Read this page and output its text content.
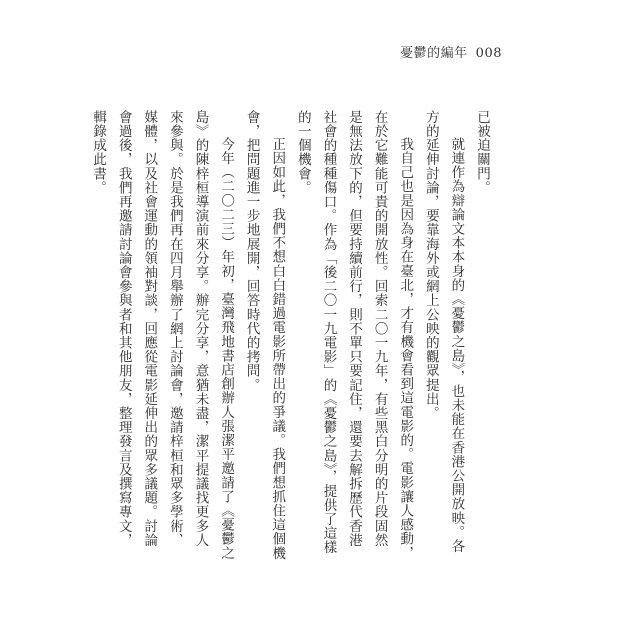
憂鬱的編年 008

已被迫關門。

就連作為辯論文本本身的《憂鬱之島》，也未能在香港公開放映。各方的延伸討論，要靠海外或網上公映的觀眾提出。

我自己也是因為身在臺北，才有機會看到這電影的。電影讓人感動，在於它難能可貴的開放性。回索二〇一九年，有些黑白分明的片段固然是無法放下的，但要持續前行，則不單只要記住，還要去解拆歷代香港社會的種種傷口。作為「後二〇一九電影」的《憂鬱之島》，提供了這樣的一個機會。

正因如此，我們不想白白錯過電影所帶出的爭議。我們想抓住這個機會，把問題進一步地展開，回答時代的拷問。

今年（二〇二三）年初，臺灣飛地書店創辦人張潔平邀請了《憂鬱之島》的陳梓桓導演前來分享。辦完分享，意猶未盡，潔平提議找更多人來參與。於是我們再在四月舉辦了網上討論會，邀請梓桓和眾多學術、媒體，以及社會運動的領袖對談，回應從電影延伸出的眾多議題。討論會過後，我們再邀請討論會參與者和其他朋友，整理發言及撰寫專文，輯錄成此書。
